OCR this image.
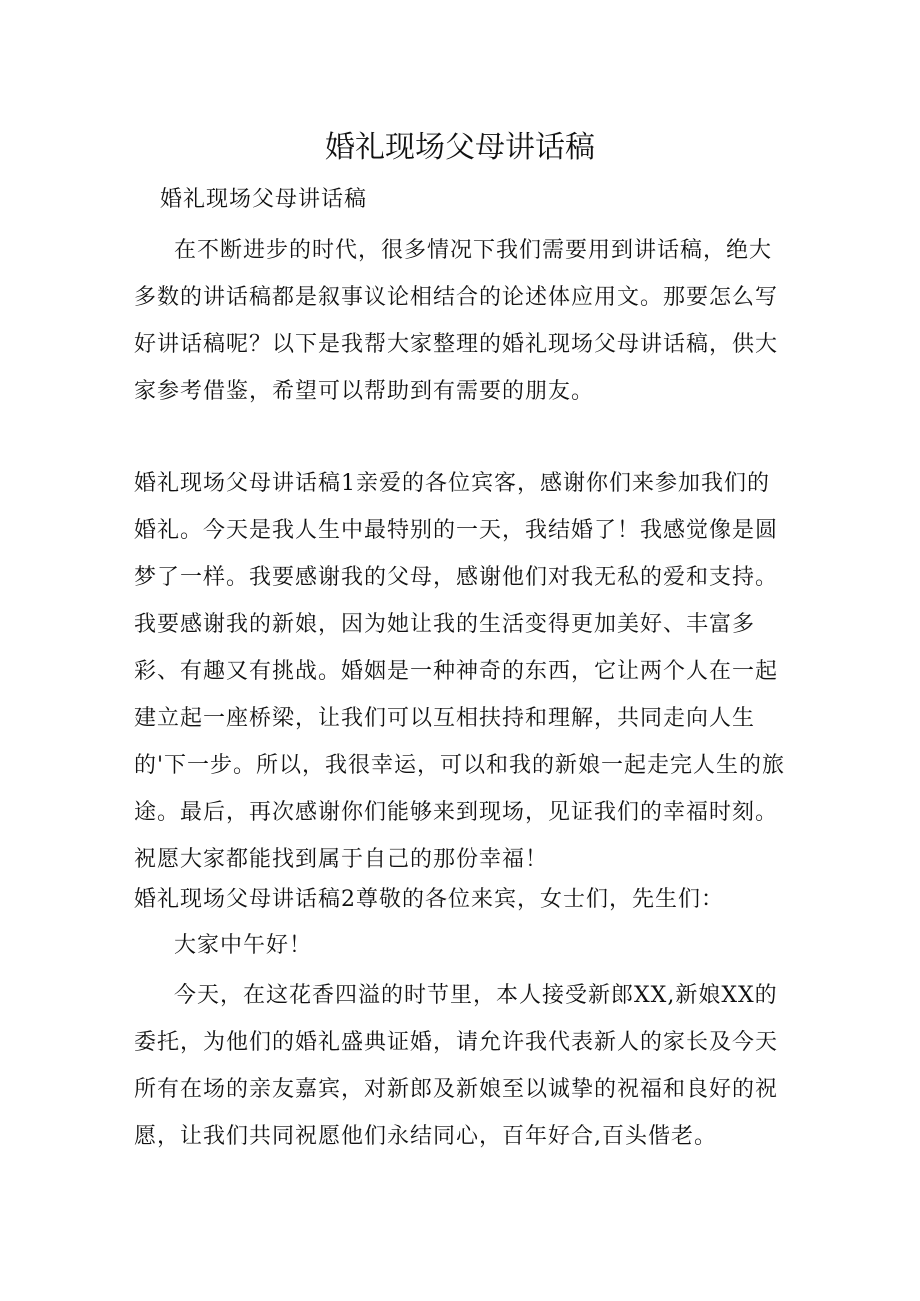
婚礼现场父母讲话稿

婚礼现场父母讲话稿

在不断进步的时代，很多情况下我们需要用到讲话稿，绝大多数的讲话稿都是叙事议论相结合的论述体应用文。那要怎么写好讲话稿呢？以下是我帮大家整理的婚礼现场父母讲话稿，供大家参考借鉴，希望可以帮助到有需要的朋友。

婚礼现场父母讲话稿1亲爱的各位宾客，感谢你们来参加我们的婚礼。今天是我人生中最特别的一天，我结婚了！我感觉像是圆梦了一样。我要感谢我的父母，感谢他们对我无私的爱和支持。我要感谢我的新娘，因为她让我的生活变得更加美好、丰富多彩、有趣又有挑战。婚姻是一种神奇的东西，它让两个人在一起建立起一座桥梁，让我们可以互相扶持和理解，共同走向人生的'下一步。所以，我很幸运，可以和我的新娘一起走完人生的旅途。最后，再次感谢你们能够来到现场，见证我们的幸福时刻。祝愿大家都能找到属于自己的那份幸福！

婚礼现场父母讲话稿2尊敬的各位来宾，女士们，先生们：

大家中午好！

今天，在这花香四溢的时节里，本人接受新郎XX,新娘XX的委托，为他们的婚礼盛典证婚，请允许我代表新人的家长及今天所有在场的亲友嘉宾，对新郎及新娘至以诚挚的祝福和良好的祝愿，让我们共同祝愿他们永结同心，百年好合,百头偕老。
